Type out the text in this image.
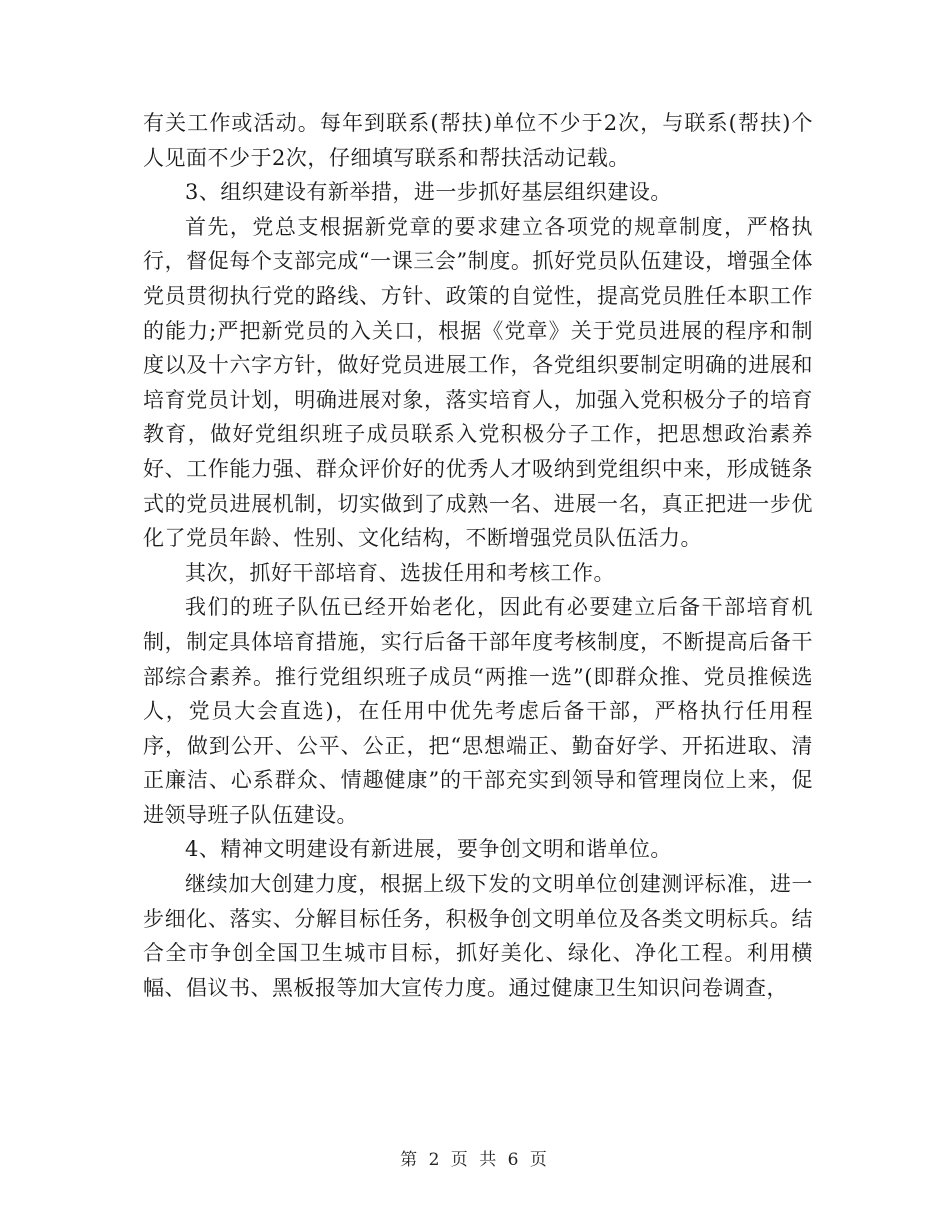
有关工作或活动。每年到联系(帮扶)单位不少于2次，与联系(帮扶)个人见面不少于2次，仔细填写联系和帮扶活动记载。

3、组织建设有新举措，进一步抓好基层组织建设。

首先，党总支根据新党章的要求建立各项党的规章制度，严格执行，督促每个支部完成“一课三会”制度。抓好党员队伍建设，增强全体党员贯彻执行党的路线、方针、政策的自觉性，提高党员胜任本职工作的能力;严把新党员的入关口，根据《党章》关于党员进展的程序和制度以及十六字方针，做好党员进展工作，各党组织要制定明确的进展和培育党员计划，明确进展对象，落实培育人，加强入党积极分子的培育教育，做好党组织班子成员联系入党积极分子工作，把思想政治素养好、工作能力强、群众评价好的优秀人才吸纳到党组织中来，形成链条式的党员进展机制，切实做到了成熟一名、进展一名，真正把进一步优化了党员年龄、性别、文化结构，不断增强党员队伍活力。

其次，抓好干部培育、选拔任用和考核工作。

我们的班子队伍已经开始老化，因此有必要建立后备干部培育机制，制定具体培育措施，实行后备干部年度考核制度，不断提高后备干部综合素养。推行党组织班子成员“两推一选”(即群众推、党员推候选人，党员大会直选)，在任用中优先考虑后备干部，严格执行任用程序，做到公开、公平、公正，把“思想端正、勤奋好学、开拓进取、清正廉洁、心系群众、情趣健康”的干部充实到领导和管理岗位上来，促进领导班子队伍建设。

4、精神文明建设有新进展，要争创文明和谐单位。

继续加大创建力度，根据上级下发的文明单位创建测评标准，进一步细化、落实、分解目标任务，积极争创文明单位及各类文明标兵。结合全市争创全国卫生城市目标，抓好美化、绿化、净化工程。利用横幅、倡议书、黑板报等加大宣传力度。通过健康卫生知识问卷调查，

第 2 页 共 6 页
